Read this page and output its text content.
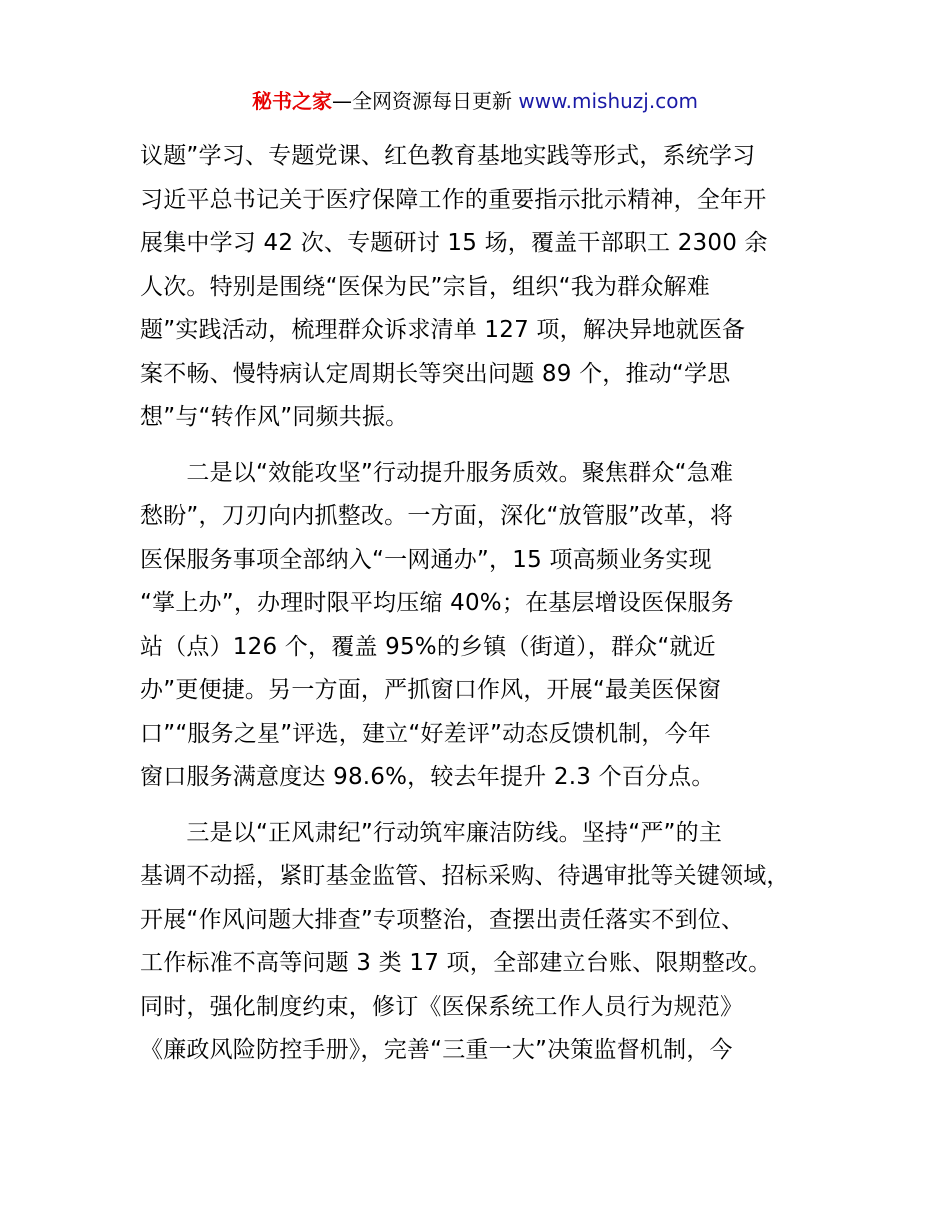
秘书之家—全网资源每日更新 www.mishuzj.com
议题”学习、专题党课、红色教育基地实践等形式，系统学习
习近平总书记关于医疗保障工作的重要指示批示精神，全年开
展集中学习 42 次、专题研讨 15 场，覆盖干部职工 2300 余
人次。特别是围绕“医保为民”宗旨，组织“我为群众解难
题”实践活动，梳理群众诉求清单 127 项，解决异地就医备
案不畅、慢特病认定周期长等突出问题 89 个，推动“学思
想”与“转作风”同频共振。
　　二是以“效能攻坚”行动提升服务质效。聚焦群众“急难
愁盼”，刀刃向内抓整改。一方面，深化“放管服”改革，将
医保服务事项全部纳入“一网通办”，15 项高频业务实现
“掌上办”，办理时限平均压缩 40%；在基层增设医保服务
站（点）126 个，覆盖 95%的乡镇（街道），群众“就近
办”更便捷。另一方面，严抓窗口作风，开展“最美医保窗
口”“服务之星”评选，建立“好差评”动态反馈机制，今年
窗口服务满意度达 98.6%，较去年提升 2.3 个百分点。
　　三是以“正风肃纪”行动筑牢廉洁防线。坚持“严”的主
基调不动摇，紧盯基金监管、招标采购、待遇审批等关键领域，
开展“作风问题大排查”专项整治，查摆出责任落实不到位、
工作标准不高等问题 3 类 17 项，全部建立台账、限期整改。
同时，强化制度约束，修订《医保系统工作人员行为规范》
《廉政风险防控手册》，完善“三重一大”决策监督机制，今
